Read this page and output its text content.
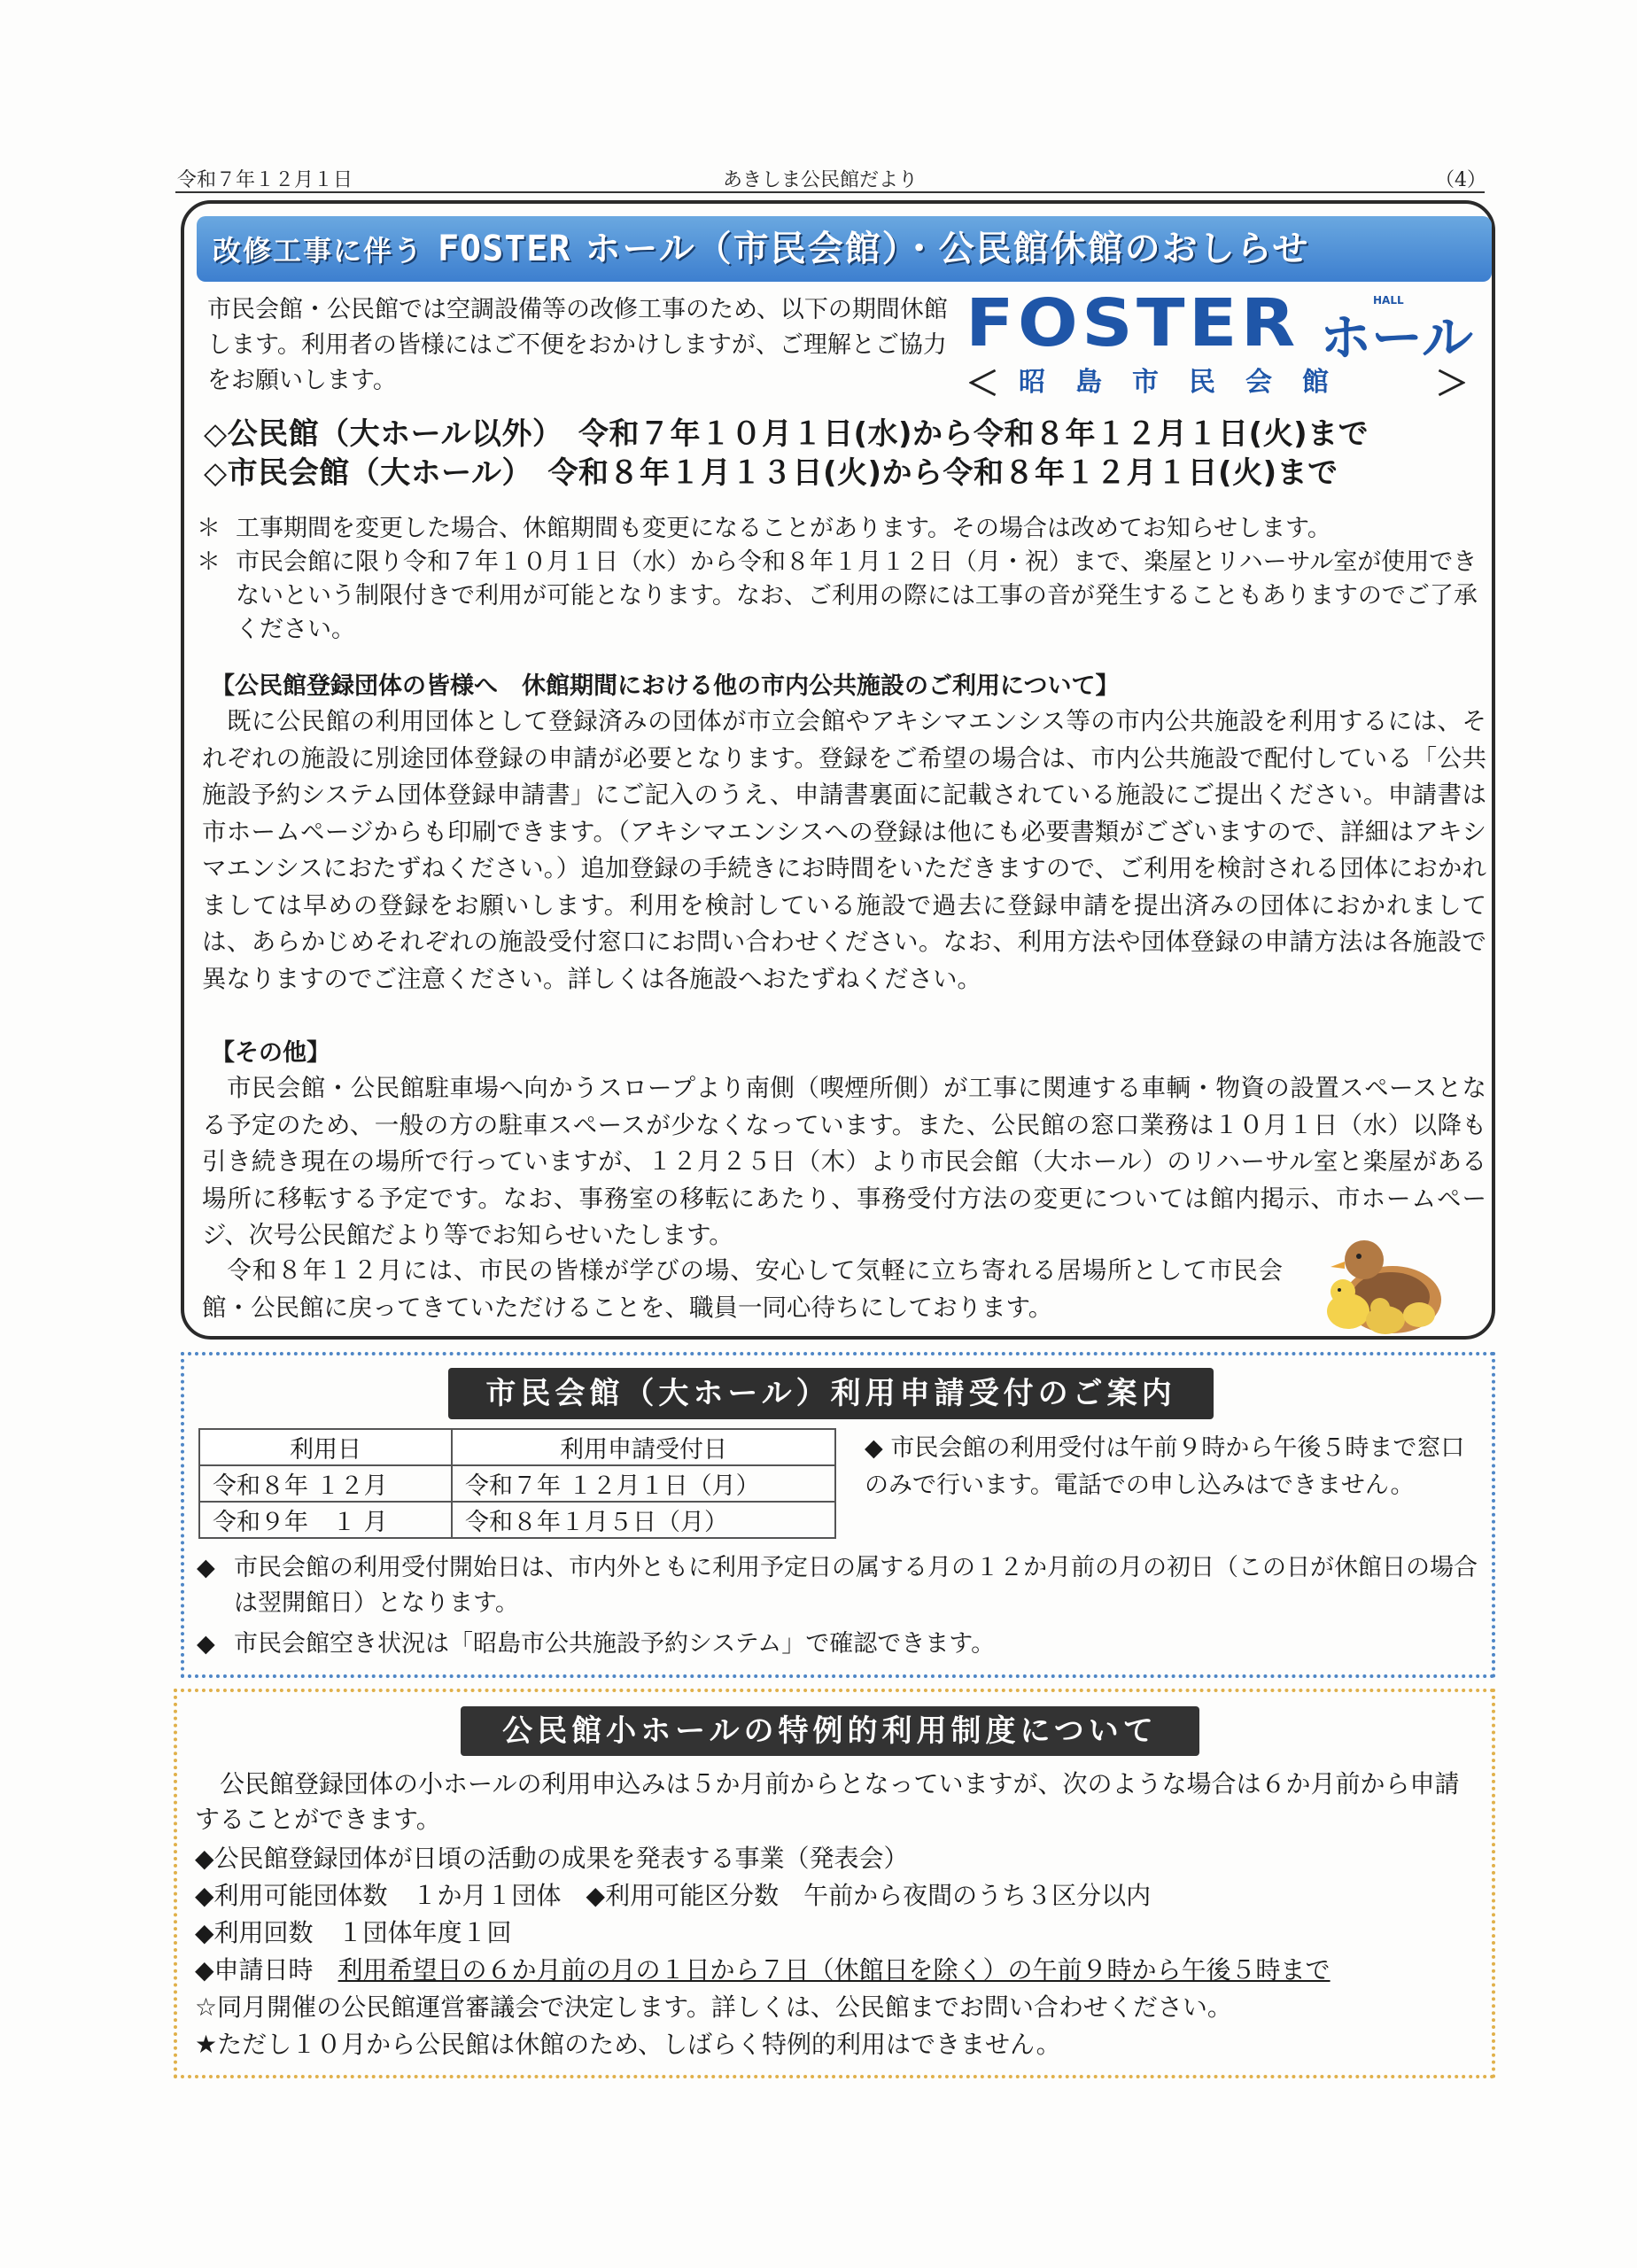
令和７年１２月１日	あきしま公民館だより	（4）
改修工事に伴う FOSTER ホール（市民会館）・公民館休館のおしらせ
市民会館・公民館では空調設備等の改修工事のため、以下の期間休館します。利用者の皆様にはご不便をおかけしますが、ご理解とご協力をお願いします。
FOSTER ホール
HALL
＜ 昭島市民会館	＞
◇公民館（大ホール以外）　令和７年１０月１日(水)から令和８年１２月１日(火)まで
◇市民会館（大ホール）　令和８年１月１３日(火)から令和８年１２月１日(火)まで
＊ 工事期間を変更した場合、休館期間も変更になることがあります。その場合は改めてお知らせします。
＊ 市民会館に限り令和７年１０月１日（水）から令和８年１月１２日（月・祝）まで、楽屋とリハーサル室が使用できないという制限付きで利用が可能となります。なお、ご利用の際には工事の音が発生することもありますのでご了承ください。
【公民館登録団体の皆様へ　休館期間における他の市内公共施設のご利用について】
　既に公民館の利用団体として登録済みの団体が市立会館やアキシマエンシス等の市内公共施設を利用するには、それぞれの施設に別途団体登録の申請が必要となります。登録をご希望の場合は、市内公共施設で配付している「公共施設予約システム団体登録申請書」にご記入のうえ、申請書裏面に記載されている施設にご提出ください。申請書は市ホームページからも印刷できます。（アキシマエンシスへの登録は他にも必要書類がございますので、詳細はアキシマエンシスにおたずねください。）追加登録の手続きにお時間をいただきますので、ご利用を検討される団体におかれましては早めの登録をお願いします。利用を検討している施設で過去に登録申請を提出済みの団体におかれましては、あらかじめそれぞれの施設受付窓口にお問い合わせください。なお、利用方法や団体登録の申請方法は各施設で異なりますのでご注意ください。詳しくは各施設へおたずねください。
【その他】
　市民会館・公民館駐車場へ向かうスロープより南側（喫煙所側）が工事に関連する車輌・物資の設置スペースとなる予定のため、一般の方の駐車スペースが少なくなっています。また、公民館の窓口業務は１０月１日（水）以降も引き続き現在の場所で行っていますが、１２月２５日（木）より市民会館（大ホール）のリハーサル室と楽屋がある場所に移転する予定です。なお、事務室の移転にあたり、事務受付方法の変更については館内掲示、市ホームページ、次号公民館だより等でお知らせいたします。
　令和８年１２月には、市民の皆様が学びの場、安心して気軽に立ち寄れる居場所として市民会館・公民館に戻ってきていただけることを、職員一同心待ちにしております。
市民会館（大ホール）利用申請受付のご案内
利用日	利用申請受付日
令和８年 １２月	令和７年 １２月１日（月）
令和９年　１ 月	令和８年１月５日（月）
◆ 市民会館の利用受付は午前９時から午後５時まで窓口のみで行います。電話での申し込みはできません。
◆ 市民会館の利用受付開始日は、市内外ともに利用予定日の属する月の１２か月前の月の初日（この日が休館日の場合は翌開館日）となります。
◆ 市民会館空き状況は「昭島市公共施設予約システム」で確認できます。
公民館小ホールの特例的利用制度について
　公民館登録団体の小ホールの利用申込みは５か月前からとなっていますが、次のような場合は６か月前から申請することができます。
◆公民館登録団体が日頃の活動の成果を発表する事業（発表会）
◆利用可能団体数　１か月１団体　◆利用可能区分数　午前から夜間のうち３区分以内
◆利用回数　１団体年度１回
◆申請日時　利用希望日の６か月前の月の１日から７日（休館日を除く）の午前９時から午後５時まで
☆同月開催の公民館運営審議会で決定します。詳しくは、公民館までお問い合わせください。
★ただし１０月から公民館は休館のため、しばらく特例的利用はできません。
